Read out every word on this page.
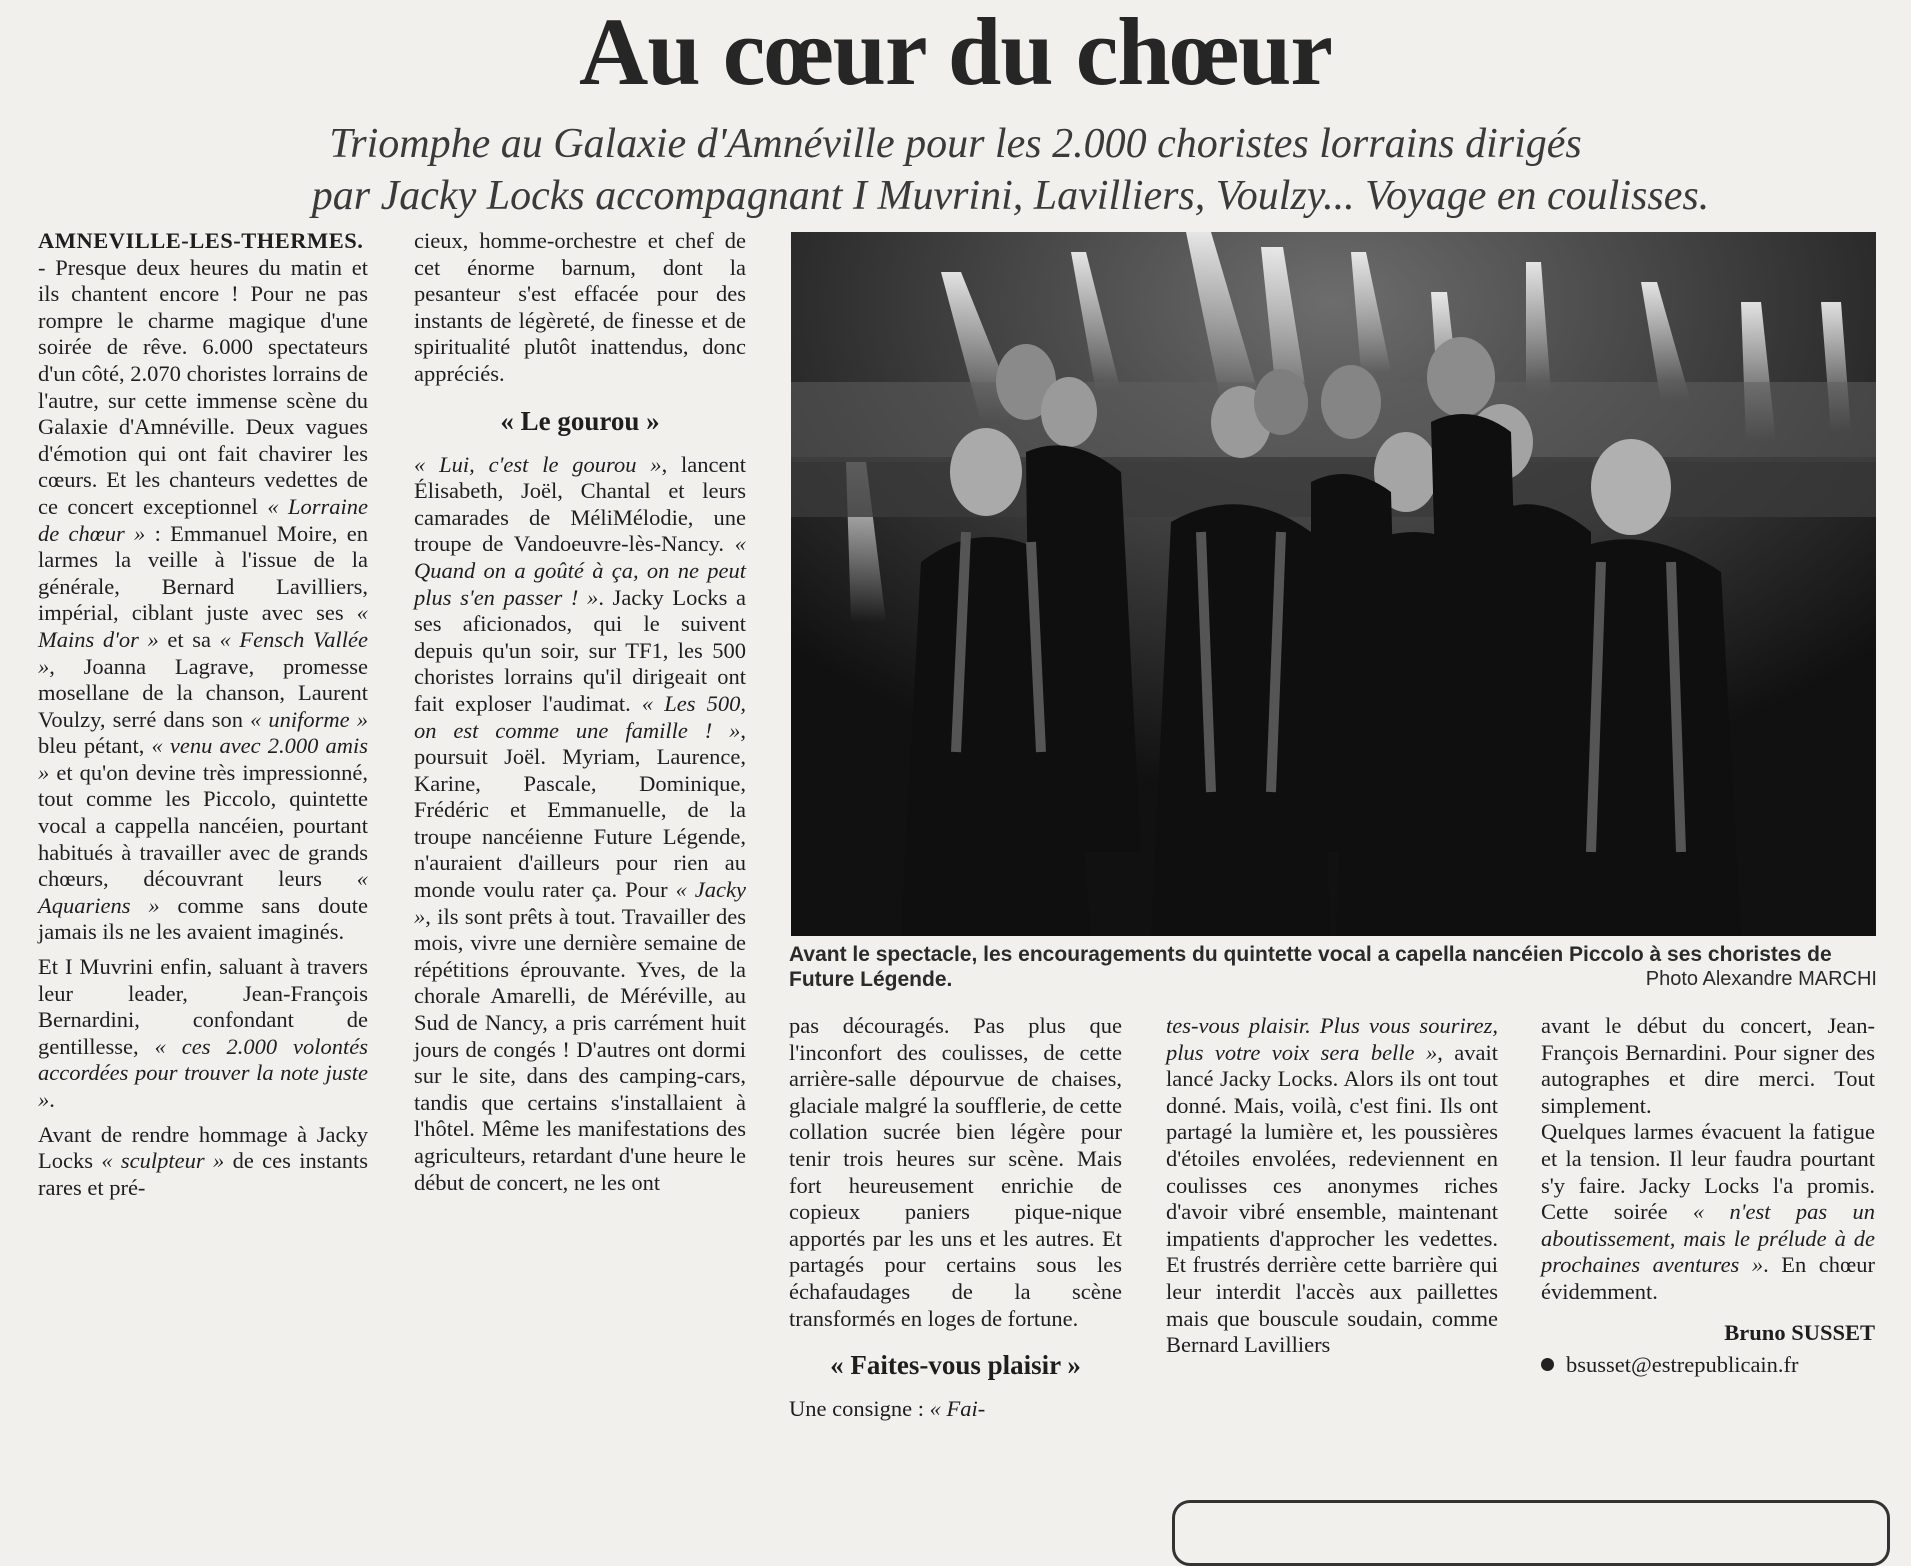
Au cœur du chœur
Triomphe au Galaxie d'Amnéville pour les 2.000 choristes lorrains dirigés

par Jacky Locks accompagnant I Muvrini, Lavilliers, Voulzy... Voyage en coulisses.

AMNEVILLE-LES-THERMES. - Presque deux heures du matin et ils chantent encore ! Pour ne pas rompre le charme magique d'une soirée de rêve. 6.000 spectateurs d'un côté, 2.070 choristes lorrains de l'autre, sur cette immense scène du Galaxie d'Amnéville. Deux vagues d'émotion qui ont fait chavirer les cœurs. Et les chanteurs vedettes de ce concert exceptionnel « Lorraine de chœur » : Emmanuel Moire, en larmes la veille à l'issue de la générale, Bernard Lavilliers, impérial, ciblant juste avec ses « Mains d'or » et sa « Fensch Vallée », Joanna Lagrave, promesse mosellane de la chanson, Laurent Voulzy, serré dans son « uniforme » bleu pétant, « venu avec 2.000 amis » et qu'on devine très impressionné, tout comme les Piccolo, quintette vocal a cappella nancéien, pourtant habitués à travailler avec de grands chœurs, découvrant leurs « Aquariens » comme sans doute jamais ils ne les avaient imaginés.

Et I Muvrini enfin, saluant à travers leur leader, Jean-François Bernardini, confondant de gentillesse, « ces 2.000 volontés accordées pour trouver la note juste ».

Avant de rendre hommage à Jacky Locks « sculpteur » de ces instants rares et pré-

cieux, homme-orchestre et chef de cet énorme barnum, dont la pesanteur s'est effacée pour des instants de légèreté, de finesse et de spiritualité plutôt inattendus, donc appréciés.

« Le gourou »

« Lui, c'est le gourou », lancent Élisabeth, Joël, Chantal et leurs camarades de MéliMélodie, une troupe de Vandoeuvre-lès-Nancy. « Quand on a goûté à ça, on ne peut plus s'en passer ! ». Jacky Locks a ses aficionados, qui le suivent depuis qu'un soir, sur TF1, les 500 choristes lorrains qu'il dirigeait ont fait exploser l'audimat. « Les 500, on est comme une famille ! », poursuit Joël. Myriam, Laurence, Karine, Pascale, Dominique, Frédéric et Emmanuelle, de la troupe nancéienne Future Légende, n'auraient d'ailleurs pour rien au monde voulu rater ça. Pour « Jacky », ils sont prêts à tout. Travailler des mois, vivre une dernière semaine de répétitions éprouvante. Yves, de la chorale Amarelli, de Méréville, au Sud de Nancy, a pris carrément huit jours de congés ! D'autres ont dormi sur le site, dans des camping-cars, tandis que certains s'installaient à l'hôtel. Même les manifestations des agriculteurs, retardant d'une heure le début de concert, ne les ont

Avant le spectacle, les encouragements du quintette vocal a capella nancéien Piccolo à ses choristes de Future Légende.	Photo Alexandre MARCHI

pas découragés. Pas plus que l'inconfort des coulisses, de cette arrière-salle dépourvue de chaises, glaciale malgré la soufflerie, de cette collation sucrée bien légère pour tenir trois heures sur scène. Mais fort heureusement enrichie de copieux paniers pique-nique apportés par les uns et les autres. Et partagés pour certains sous les échafaudages de la scène transformés en loges de fortune.

« Faites-vous plaisir »

Une consigne : « Fai-

tes-vous plaisir. Plus vous sourirez, plus votre voix sera belle », avait lancé Jacky Locks. Alors ils ont tout donné. Mais, voilà, c'est fini. Ils ont partagé la lumière et, les poussières d'étoiles envolées, redeviennent en coulisses ces anonymes riches d'avoir vibré ensemble, maintenant impatients d'approcher les vedettes. Et frustrés derrière cette barrière qui leur interdit l'accès aux paillettes mais que bouscule soudain, comme Bernard Lavilliers

avant le début du concert, Jean-François Bernardini. Pour signer des autographes et dire merci. Tout simplement.

Quelques larmes évacuent la fatigue et la tension. Il leur faudra pourtant s'y faire. Jacky Locks l'a promis. Cette soirée « n'est pas un aboutissement, mais le prélude à de prochaines aventures ». En chœur évidemment.

Bruno SUSSET

bsusset@estrepublicain.fr
